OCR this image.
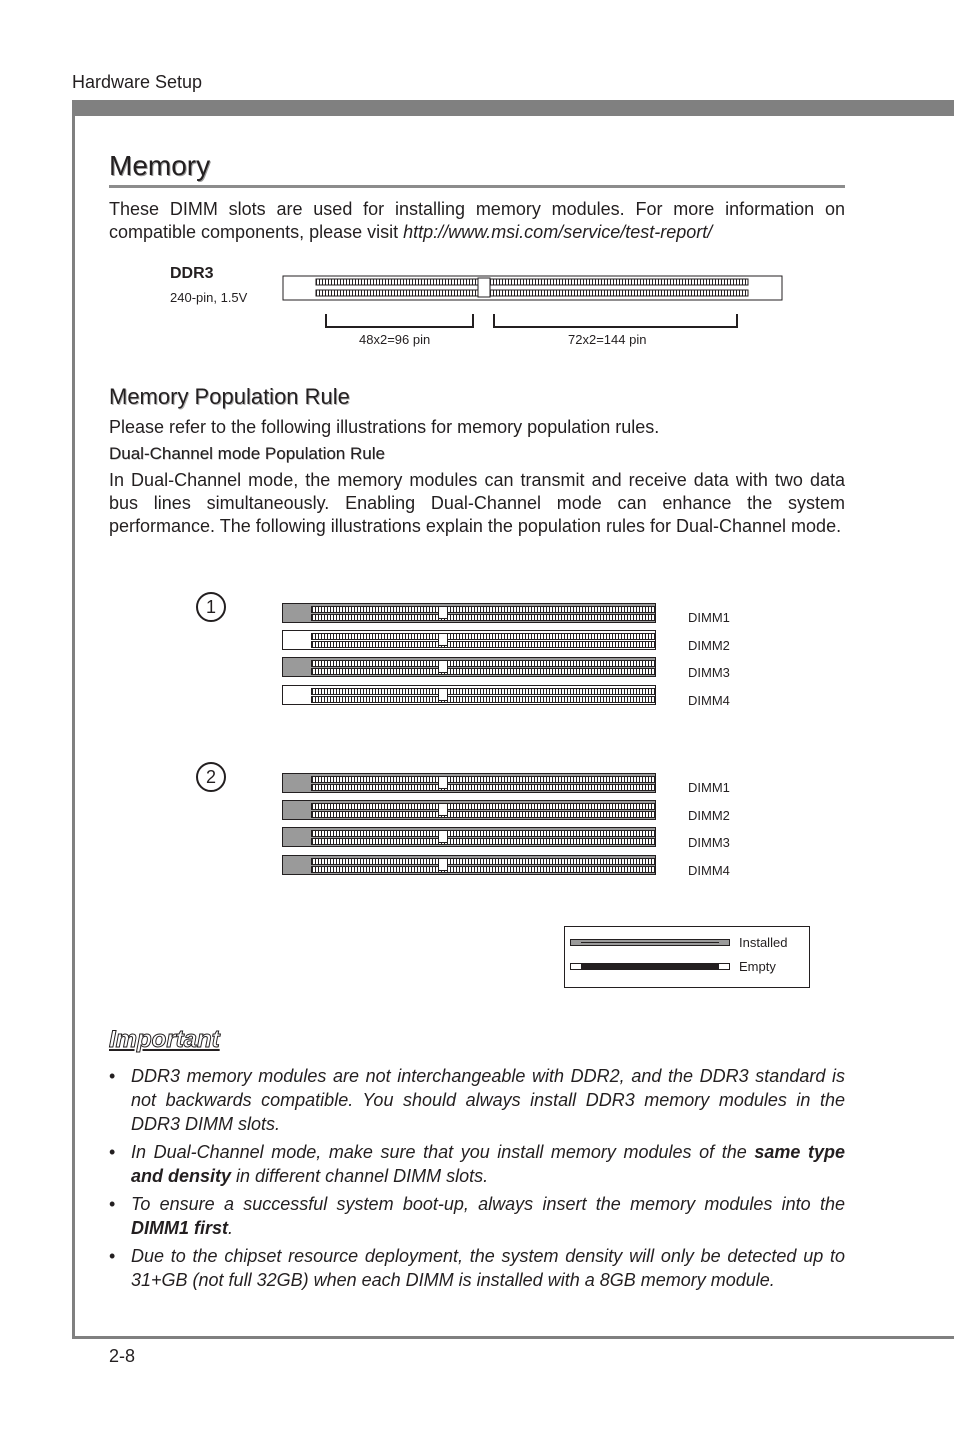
Hardware Setup
Memory
These DIMM slots are used for installing memory modules. For more information on compatible components, please visit http://www.msi.com/service/test-report/
DDR3
240-pin, 1.5V
48x2=96 pin	72x2=144 pin
Memory Population Rule
Please refer to the following illustrations for memory population rules.
Dual-Channel mode Population Rule
In Dual-Channel mode, the memory modules can transmit and receive data with two data bus lines simultaneously. Enabling Dual-Channel mode can enhance the system performance. The following illustrations explain the population rules for Dual-Channel mode.
1
DIMM1
DIMM2
DIMM3
DIMM4
2
DIMM1
DIMM2
DIMM3
DIMM4
Installed
Empty
Important
• DDR3 memory modules are not interchangeable with DDR2, and the DDR3 standard is not backwards compatible. You should always install DDR3 memory modules in the DDR3 DIMM slots.
• In Dual-Channel mode, make sure that you install memory modules of the same type and density in different channel DIMM slots.
• To ensure a successful system boot-up, always insert the memory modules into the DIMM1 first.
• Due to the chipset resource deployment, the system density will only be detected up to 31+GB (not full 32GB) when each DIMM is installed with a 8GB memory module.
2-8
